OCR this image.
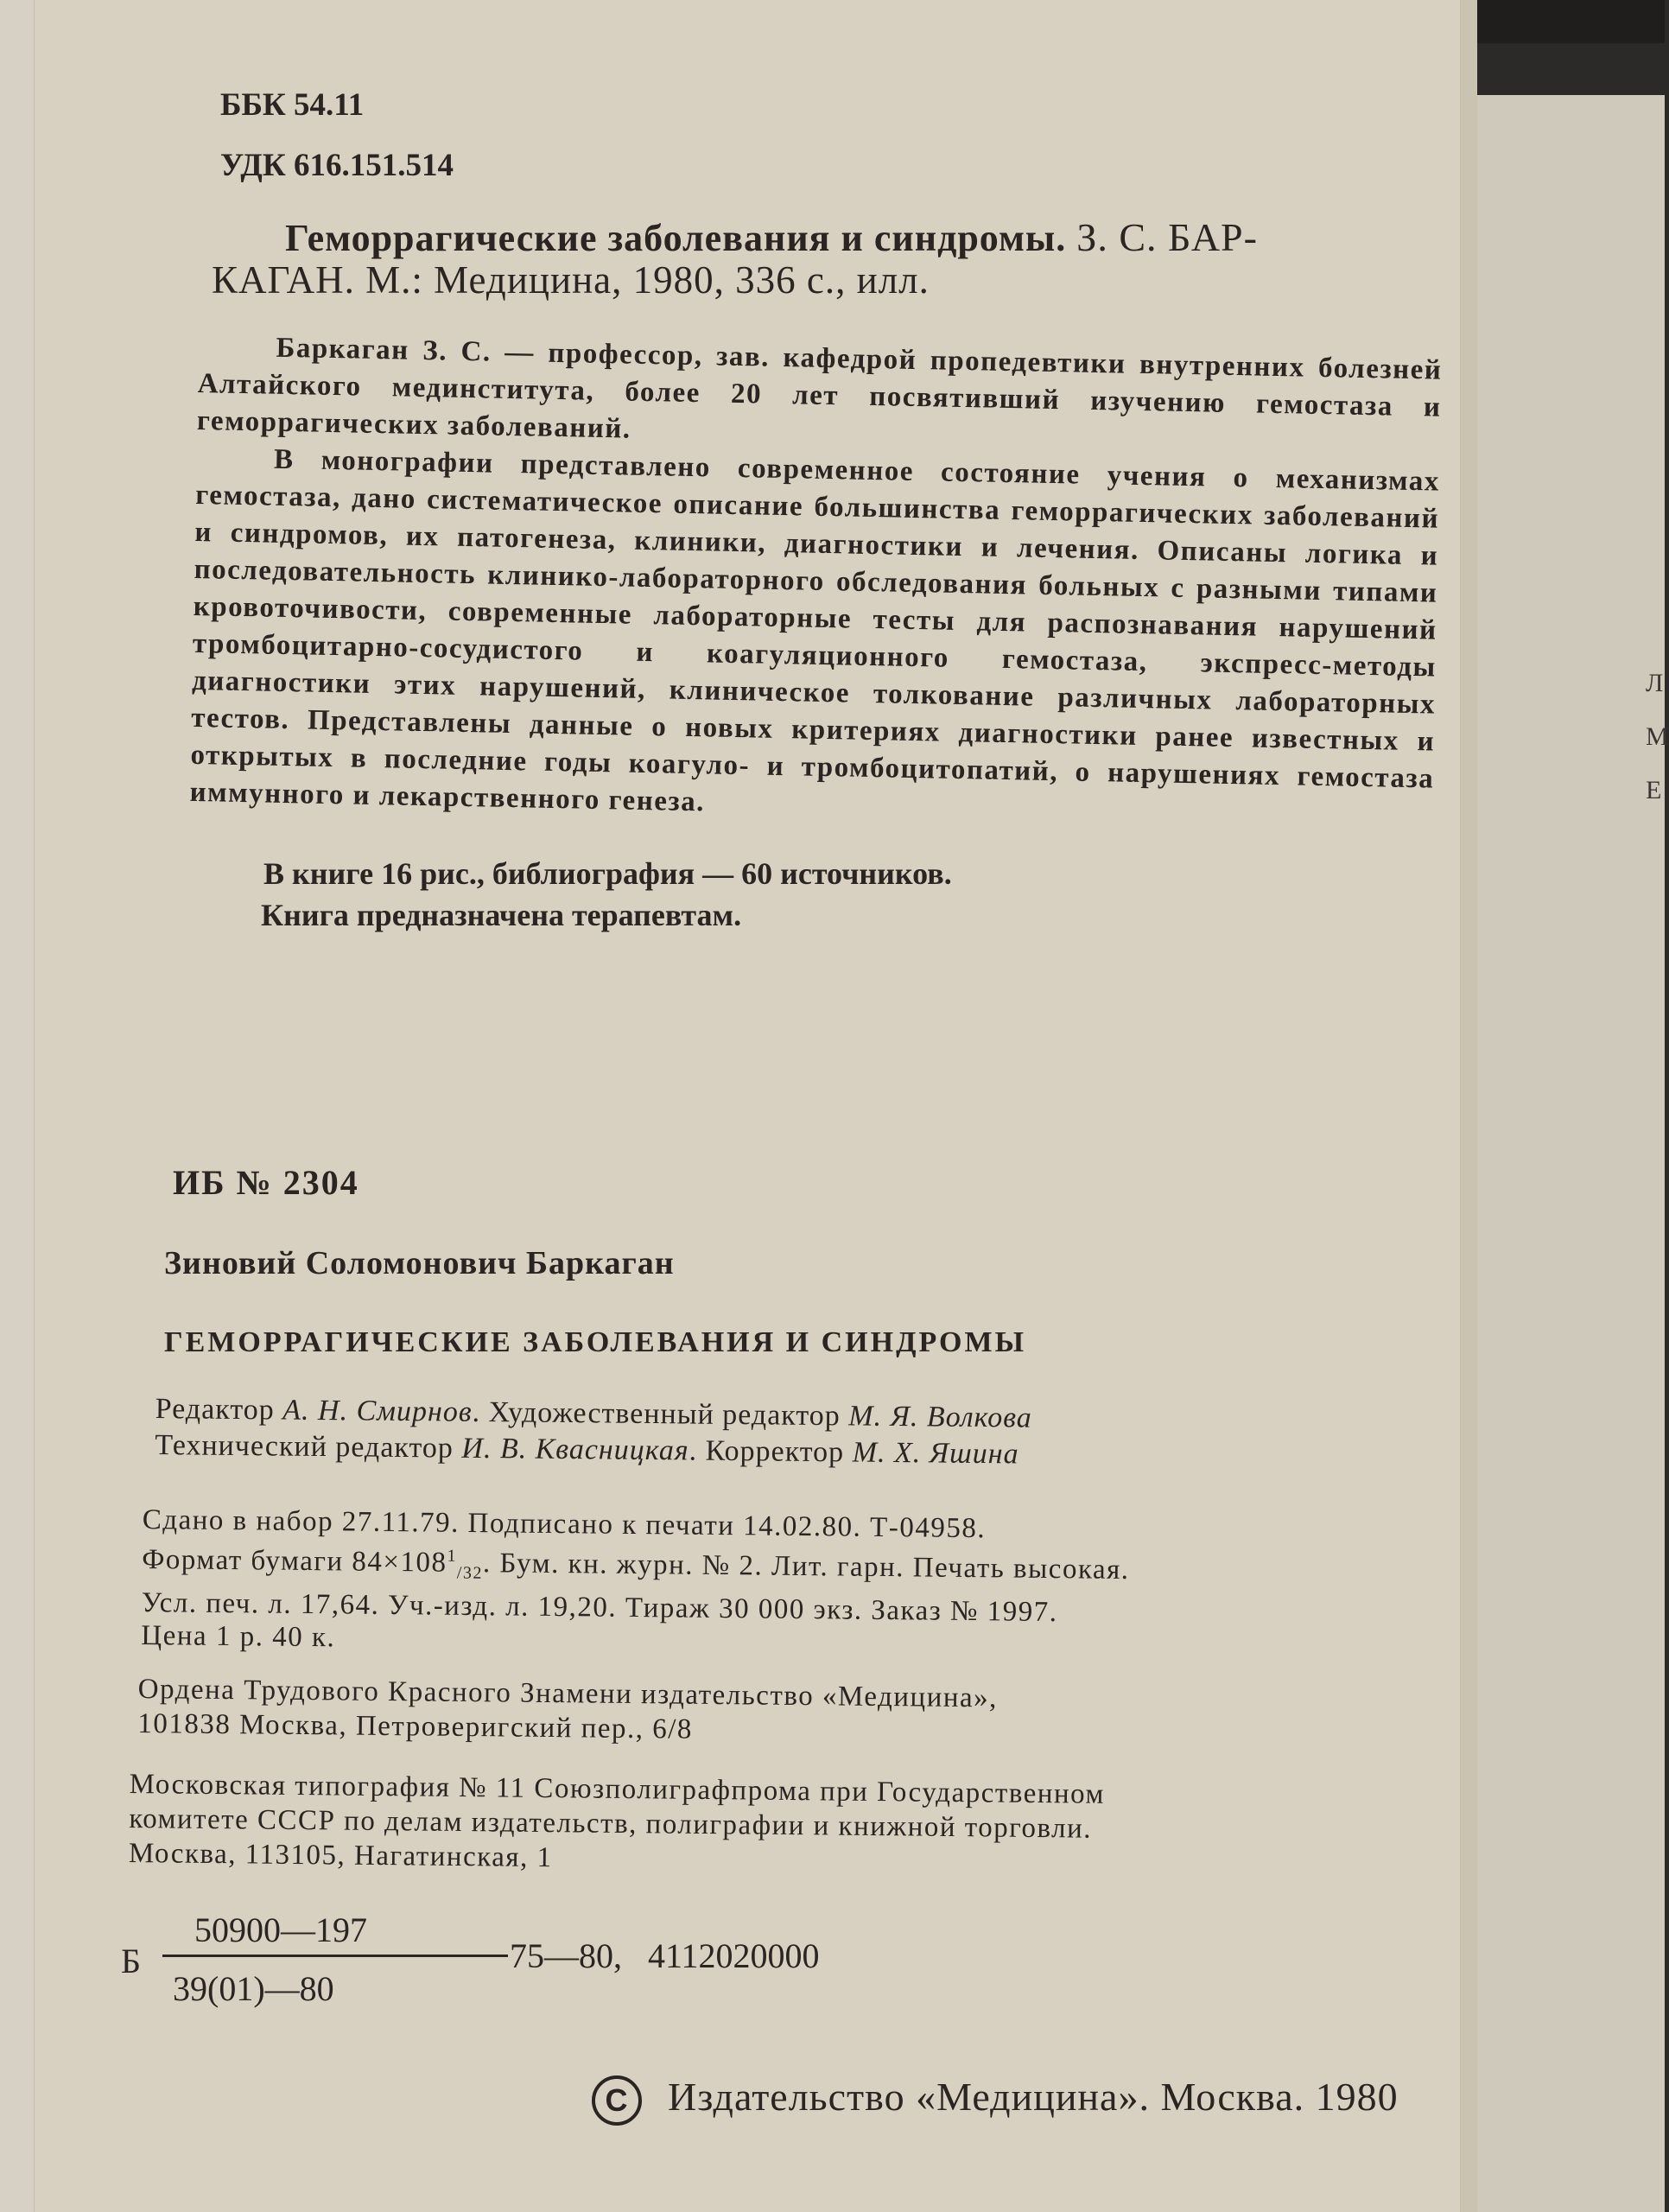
Л
М
Е
ББК 54.11
УДК 616.151.514
Геморрагические заболевания и синдромы. З. С. БАР-
КАГАН. М.: Медицина, 1980, 336 с., илл.

Баркаган З. С. — профессор, зав. кафедрой пропедевтики внутренних болезней Алтайского мединститута, более 20 лет посвятивший изучению гемостаза и геморрагических заболеваний.

В монографии представлено современное состояние учения о механизмах гемостаза, дано систематическое описание большинства геморрагических заболеваний и синдромов, их патогенеза, клиники, диагностики и лечения. Описаны логика и последовательность клинико-лабораторного обследования больных с разными типами кровоточивости, современные лабораторные тесты для распознавания нарушений тромбоцитарно-сосудистого и коагуляционного гемостаза, экспресс-методы диагностики этих нарушений, клиническое толкование различных лабораторных тестов. Представлены данные о новых критериях диагностики ранее известных и открытых в последние годы коагуло- и тромбоцитопатий, о нарушениях гемостаза иммунного и лекарственного генеза.

В книге 16 рис., библиография — 60 источников.
Книга предназначена терапевтам.
ИБ № 2304
Зиновий Соломонович Баркаган
ГЕМОРРАГИЧЕСКИЕ ЗАБОЛЕВАНИЯ И СИНДРОМЫ
Редактор А. Н. Смирнов. Художественный редактор М. Я. Волкова
Технический редактор И. В. Квасницкая. Корректор М. Х. Яшина
Сдано в набор 27.11.79. Подписано к печати 14.02.80. Т-04958.
Формат бумаги $84\times 108^1_{/32}$. Бум. кн. журн. № 2. Лит. гарн. Печать высокая.
Усл. печ. л. 17,64. Уч.-изд. л. 19,20. Тираж 30 000 экз. Заказ № 1997.
Цена 1 р. 40 к.
Ордена Трудового Красного Знамени издательство «Медицина»,
101838 Москва, Петроверигский пер., 6/8
Московская типография № 11 Союзполиграфпрома при Государственном
комитете СССР по делам издательств, полиграфии и книжной торговли.
Москва, 113105, Нагатинская, 1
Б
50900—197
39(01)—80
75—80, 4112020000
C Издательство «Медицина». Москва. 1980
